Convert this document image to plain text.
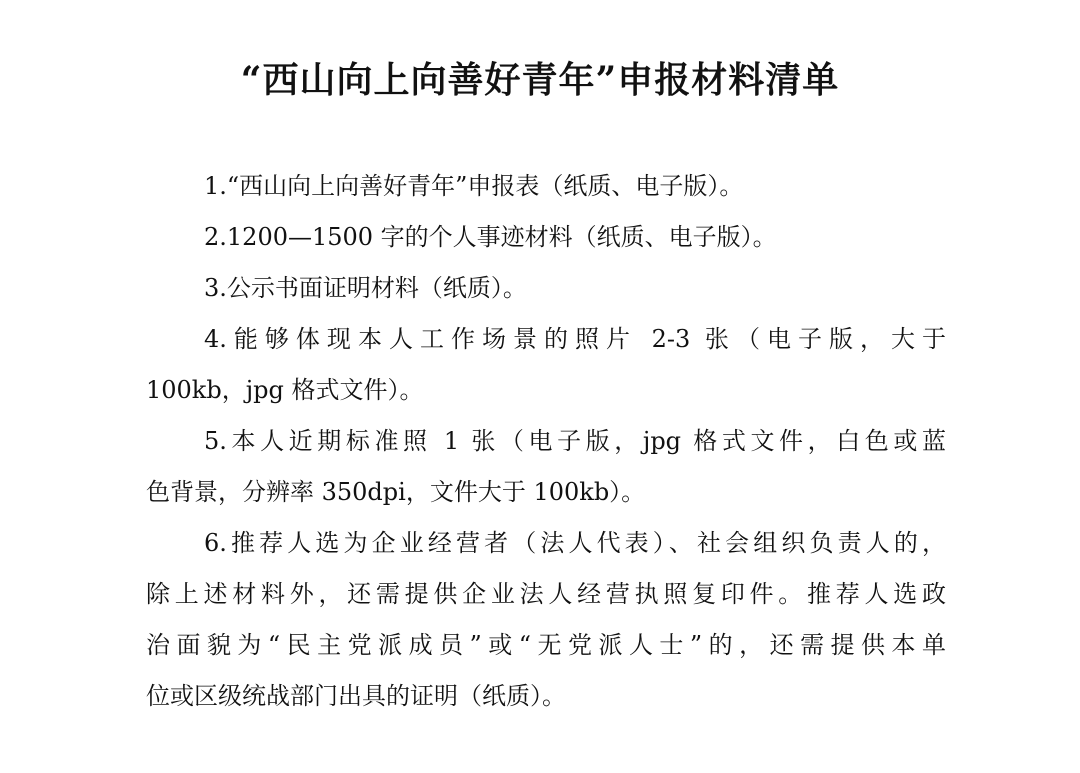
“西山向上向善好青年”申报材料清单
1.“西山向上向善好青年”申报表（纸质、电子版）。
2.1200—1500 字的个人事迹材料（纸质、电子版）。
3.公示书面证明材料（纸质）。
4.能够体现本人工作场景的照片 2-3 张（电子版，大于
100kb，jpg 格式文件）。
5.本人近期标准照 1 张（电子版，jpg 格式文件，白色或蓝
色背景，分辨率 350dpi，文件大于 100kb）。
6.推荐人选为企业经营者（法人代表）、社会组织负责人的，
除上述材料外，还需提供企业法人经营执照复印件。推荐人选政
治面貌为“民主党派成员”或“无党派人士”的，还需提供本单
位或区级统战部门出具的证明（纸质）。
